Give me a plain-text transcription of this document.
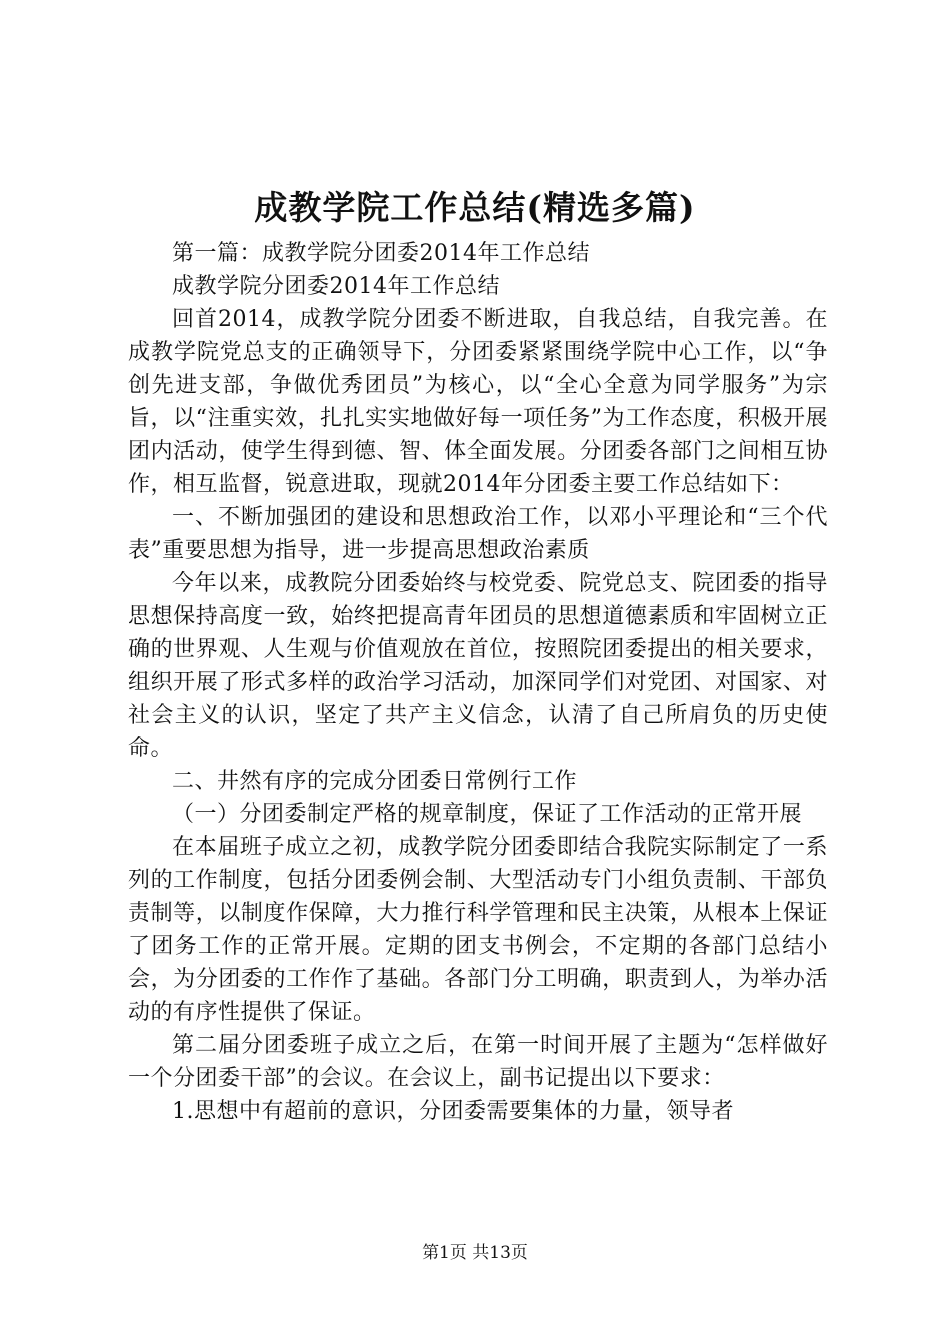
成教学院工作总结(精选多篇)

第一篇：成教学院分团委2014年工作总结

成教学院分团委2014年工作总结

回首2014，成教学院分团委不断进取，自我总结，自我完善。在成教学院党总支的正确领导下，分团委紧紧围绕学院中心工作，以“争创先进支部，争做优秀团员”为核心，以“全心全意为同学服务”为宗旨，以“注重实效，扎扎实实地做好每一项任务”为工作态度，积极开展团内活动，使学生得到德、智、体全面发展。分团委各部门之间相互协作，相互监督，锐意进取，现就2014年分团委主要工作总结如下：

一、不断加强团的建设和思想政治工作，以邓小平理论和“三个代表”重要思想为指导，进一步提高思想政治素质

今年以来，成教院分团委始终与校党委、院党总支、院团委的指导思想保持高度一致，始终把提高青年团员的思想道德素质和牢固树立正确的世界观、人生观与价值观放在首位，按照院团委提出的相关要求，组织开展了形式多样的政治学习活动，加深同学们对党团、对国家、对社会主义的认识，坚定了共产主义信念，认清了自己所肩负的历史使命。

二、井然有序的完成分团委日常例行工作

（一）分团委制定严格的规章制度，保证了工作活动的正常开展

在本届班子成立之初，成教学院分团委即结合我院实际制定了一系列的工作制度，包括分团委例会制、大型活动专门小组负责制、干部负责制等，以制度作保障，大力推行科学管理和民主决策，从根本上保证了团务工作的正常开展。定期的团支书例会，不定期的各部门总结小会，为分团委的工作作了基础。各部门分工明确，职责到人，为举办活动的有序性提供了保证。

第二届分团委班子成立之后，在第一时间开展了主题为“怎样做好一个分团委干部”的会议。在会议上，副书记提出以下要求：

1.思想中有超前的意识，分团委需要集体的力量，领导者

第1页 共13页
